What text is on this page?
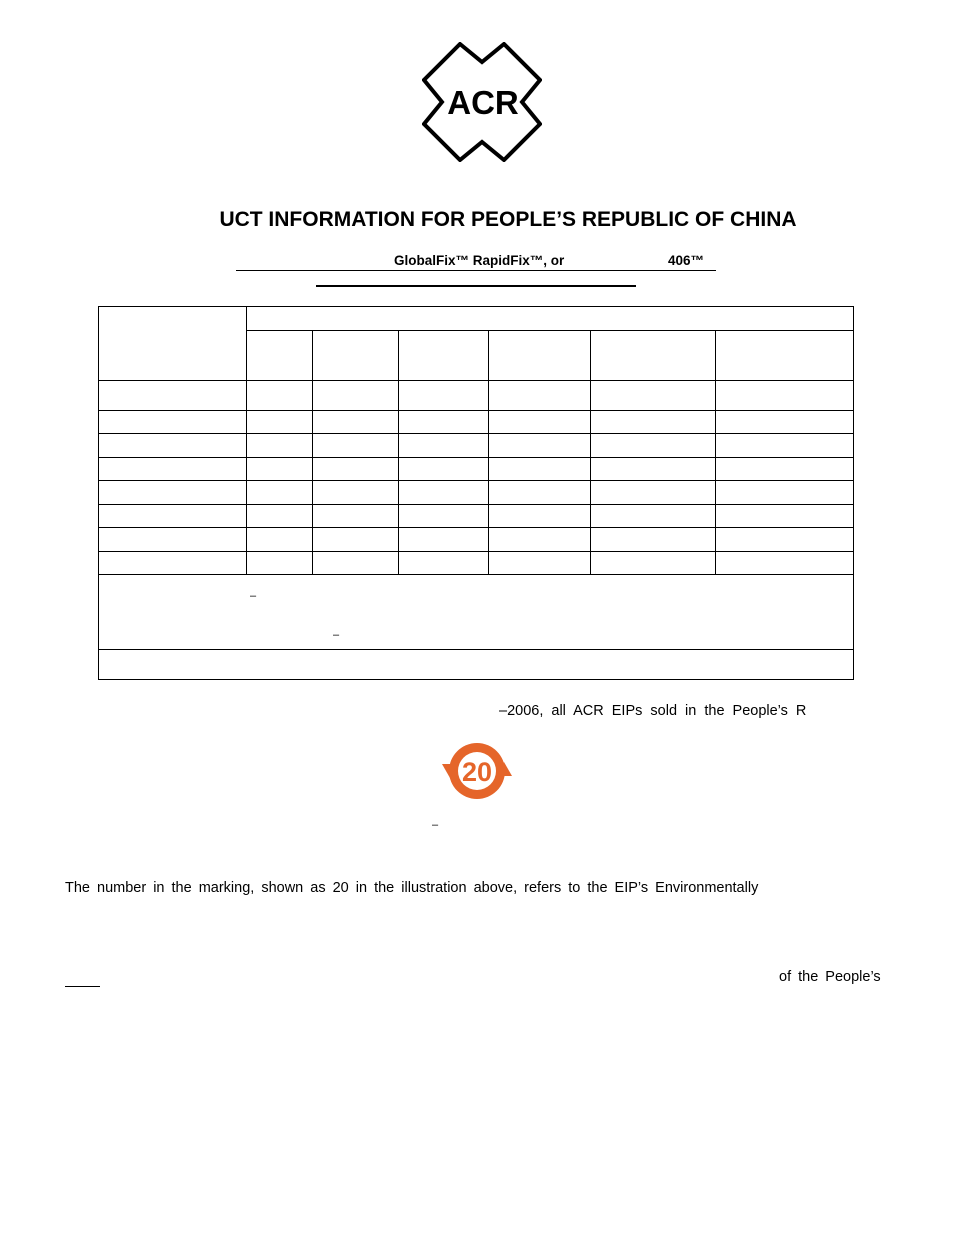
ACR
UCT INFORMATION FOR PEOPLE’S REPUBLIC OF CHINA
GlobalFix™ RapidFix™, or	406™
–
–
–2006, all ACR EIPs sold in the People’s R
20
–
The number in the marking, shown as 20 in the illustration above, refers to the EIP’s Environmentally
of the People’s
